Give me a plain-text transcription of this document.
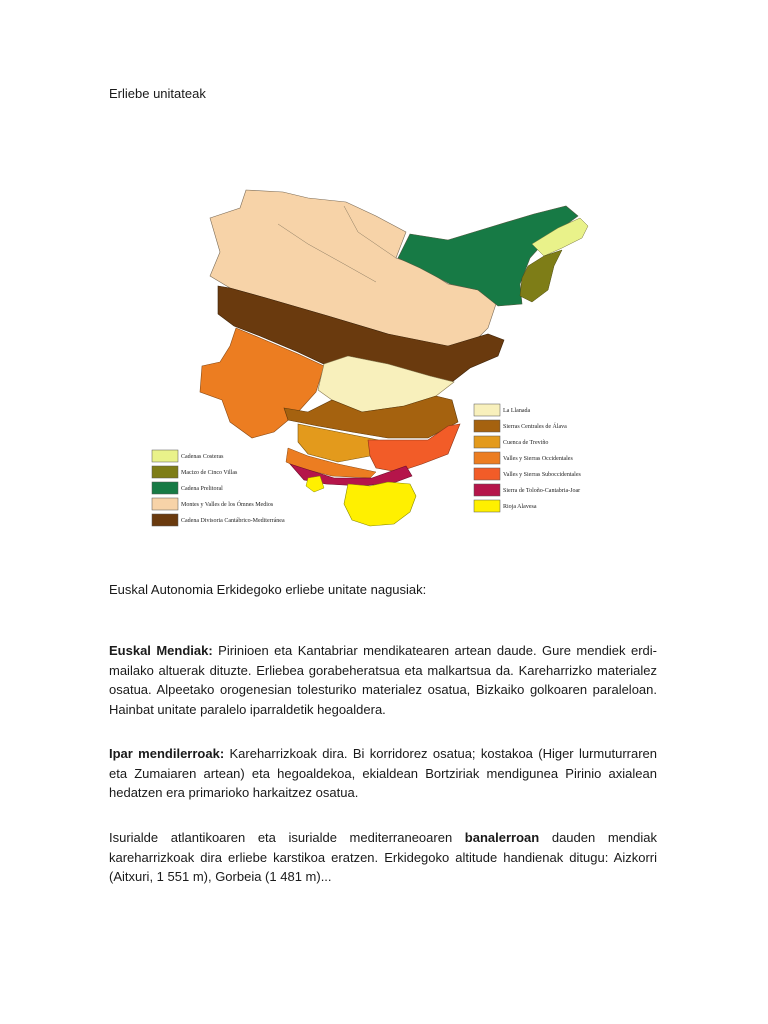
Erliebe unitateak
Cadenas Costeras
Macizo de Cinco Villas
Cadena Prelitoral
Montes y Valles de los Ómnes Medios
Cadena Divisoria Cantábrico-Mediterránea
La Llanada
Sierras Centrales de Álava
Cuenca de Treviño
Valles y Sierras Occidentales
Valles y Sierras Suboccidentales
Sierra de Toloño-Cantabria-Joar
Rioja Alavesa
Euskal Autonomia Erkidegoko erliebe unitate nagusiak:

Euskal Mendiak: Pirinioen eta Kantabriar mendikatearen artean daude. Gure mendiek erdi-mailako altuerak dituzte. Erliebea gorabeheratsua eta malkartsua da. Kareharrizko materialez osatua. Alpeetako orogenesian tolesturiko materialez osatua, Bizkaiko golkoaren paraleloan. Hainbat unitate paralelo iparraldetik hegoaldera.

Ipar mendilerroak: Kareharrizkoak dira. Bi korridorez osatua; kostakoa (Higer lurmuturraren eta Zumaiaren artean) eta hegoaldekoa, ekialdean Bortziriak mendigunea Pirinio axialean hedatzen era primarioko harkaitzez osatua.

Isurialde atlantikoaren eta isurialde mediterraneoaren banalerroan dauden mendiak kareharrizkoak dira erliebe karstikoa eratzen. Erkidegoko altitude handienak ditugu: Aizkorri (Aitxuri, 1 551 m), Gorbeia (1 481 m)...
